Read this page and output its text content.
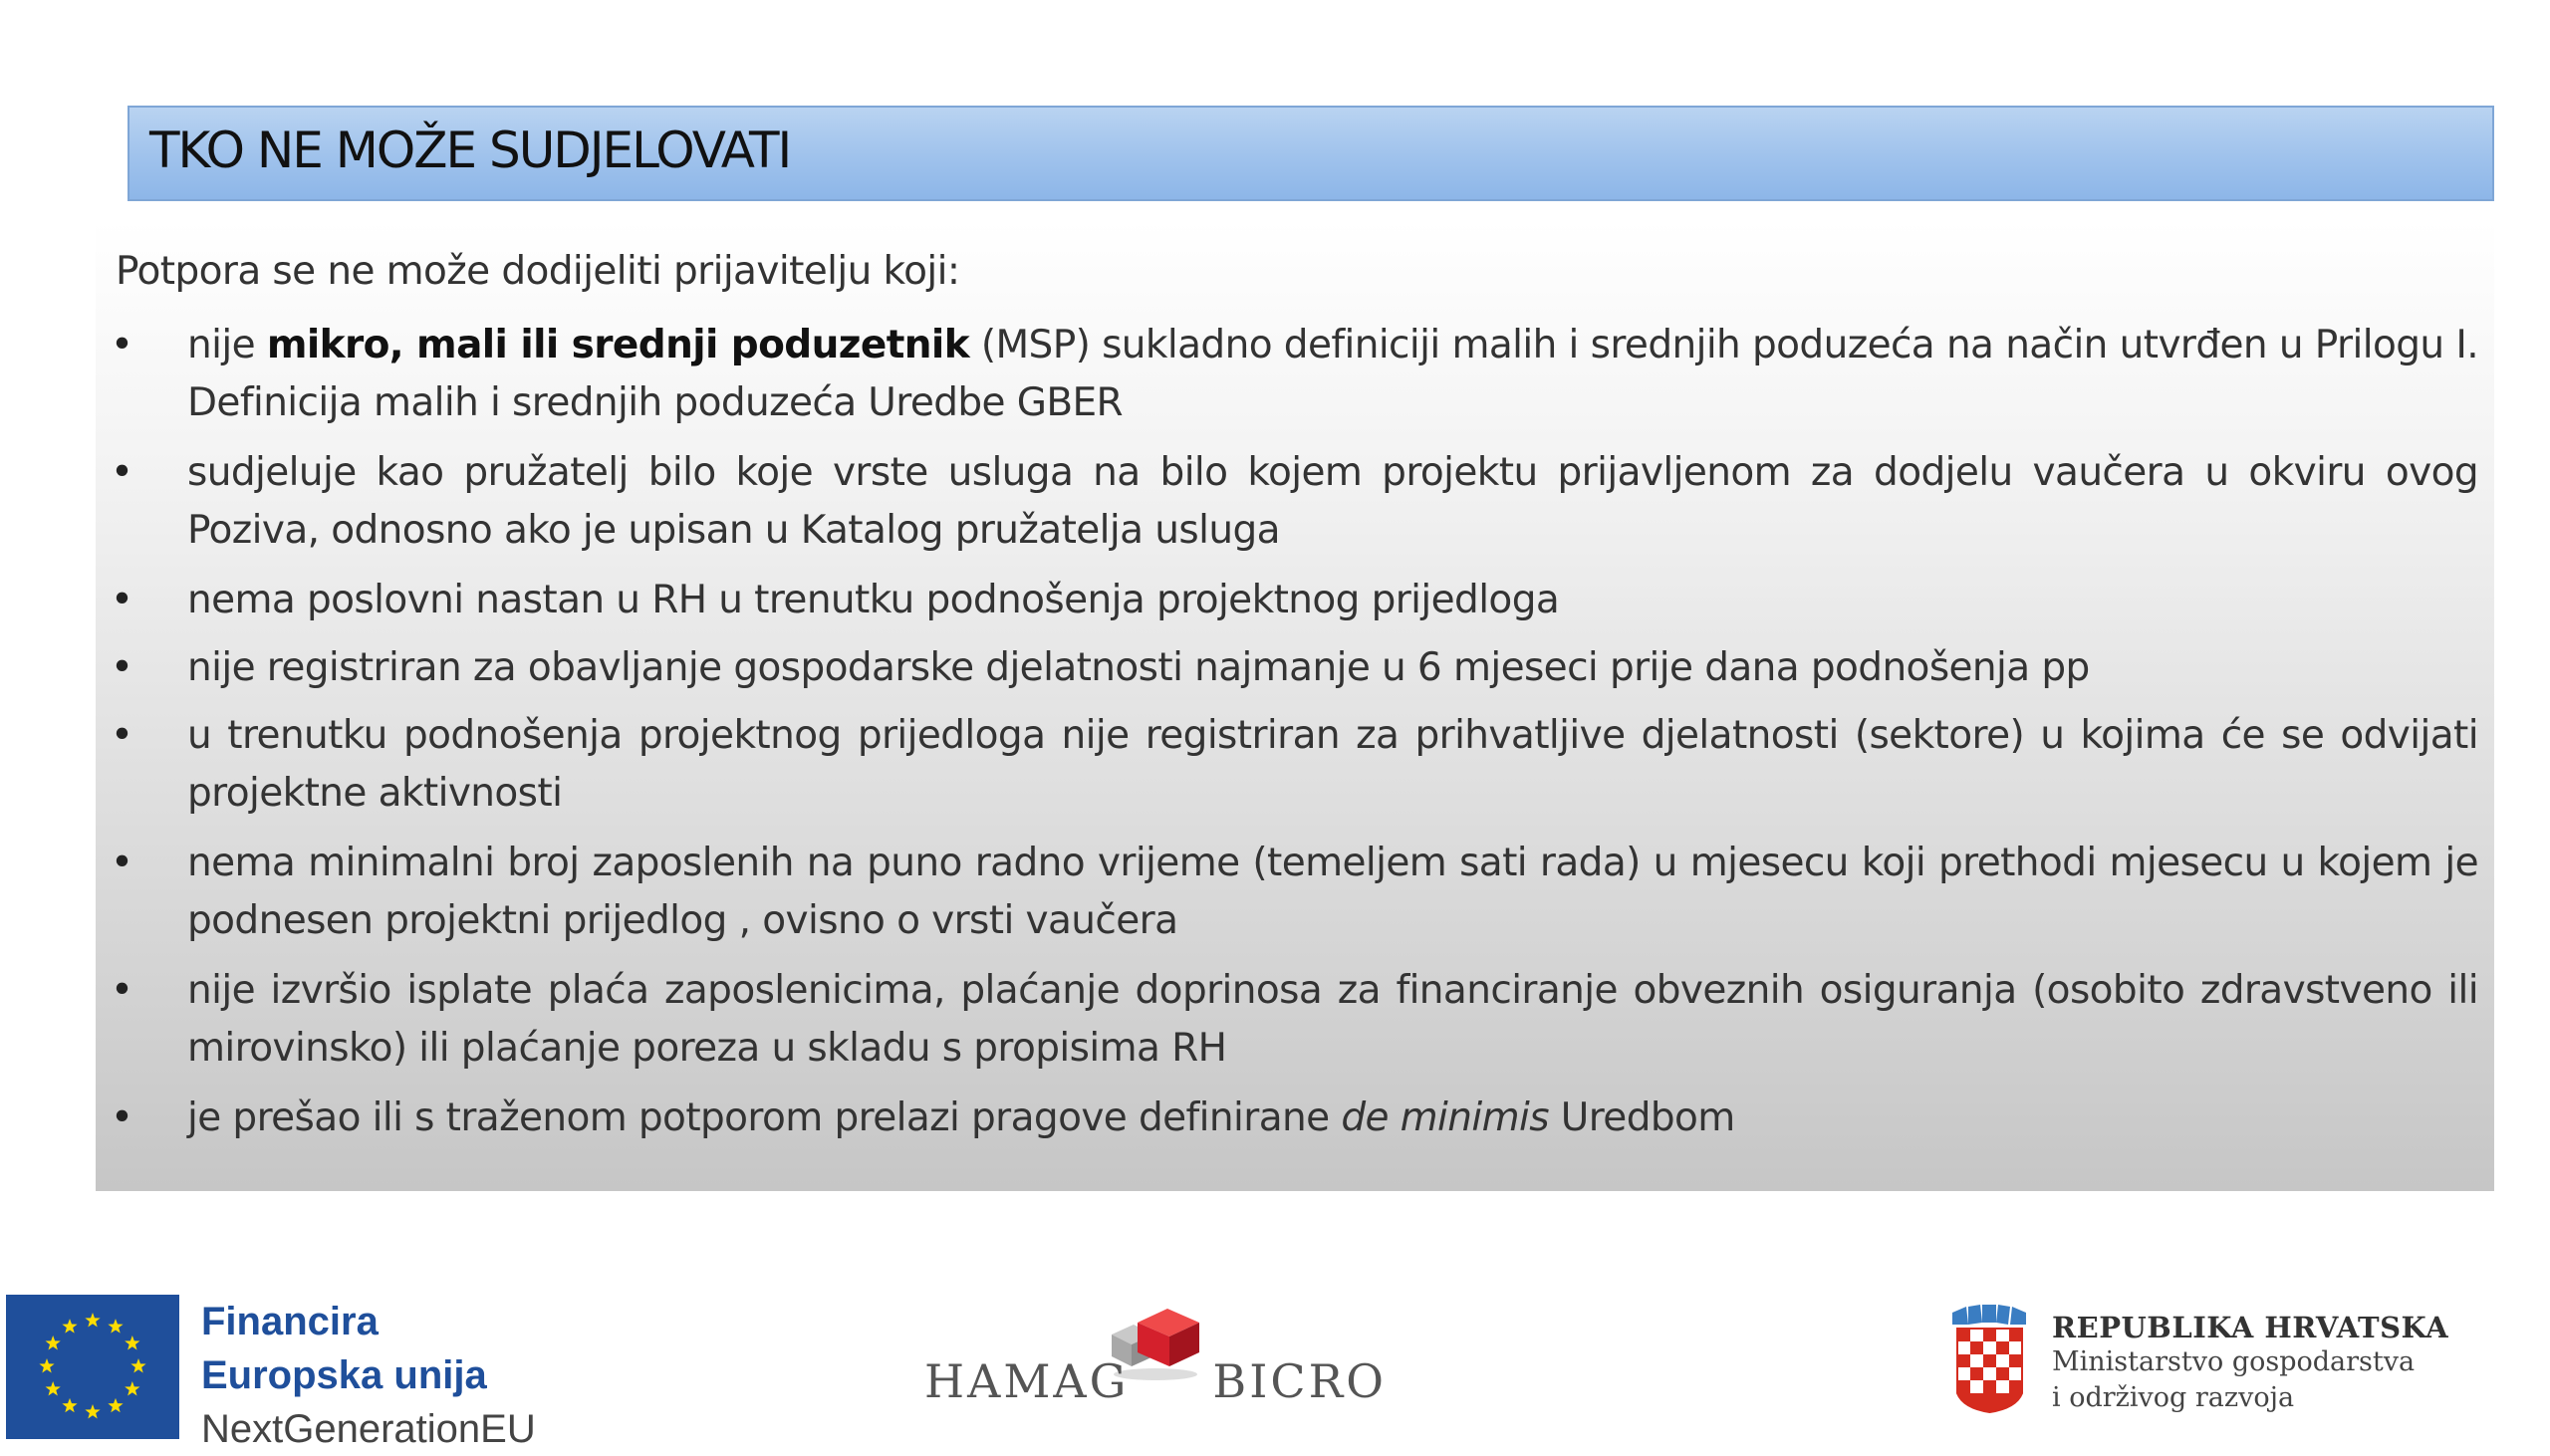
TKO NE MOŽE SUDJELOVATI

Potpora se ne može dodijeliti prijavitelju koji:

•	nije mikro, mali ili srednji poduzetnik (MSP) sukladno definiciji malih i srednjih poduzeća na način utvrđen u Prilogu I. Definicija malih i srednjih poduzeća Uredbe GBER

•	sudjeluje kao pružatelj bilo koje vrste usluga na bilo kojem projektu prijavljenom za dodjelu vaučera u okviru ovog Poziva, odnosno ako je upisan u Katalog pružatelja usluga

•	nema poslovni nastan u RH u trenutku podnošenja projektnog prijedloga

•	nije registriran za obavljanje gospodarske djelatnosti najmanje u 6 mjeseci prije dana podnošenja pp

•	u trenutku podnošenja projektnog prijedloga nije registriran za prihvatljive djelatnosti (sektore) u kojima će se odvijati projektne aktivnosti

•	nema minimalni broj zaposlenih na puno radno vrijeme (temeljem sati rada) u mjesecu koji prethodi mjesecu u kojem je podnesen projektni prijedlog , ovisno o vrsti vaučera

•	nije izvršio isplate plaća zaposlenicima, plaćanje doprinosa za financiranje obveznih osiguranja (osobito zdravstveno ili mirovinsko) ili plaćanje poreza u skladu s propisima RH

•	je prešao ili s traženom potporom prelazi pragove definirane de minimis Uredbom

Financira
Europska unija
NextGenerationEU
HAMAG BICRO
REPUBLIKA HRVATSKA
Ministarstvo gospodarstva
i održivog razvoja
